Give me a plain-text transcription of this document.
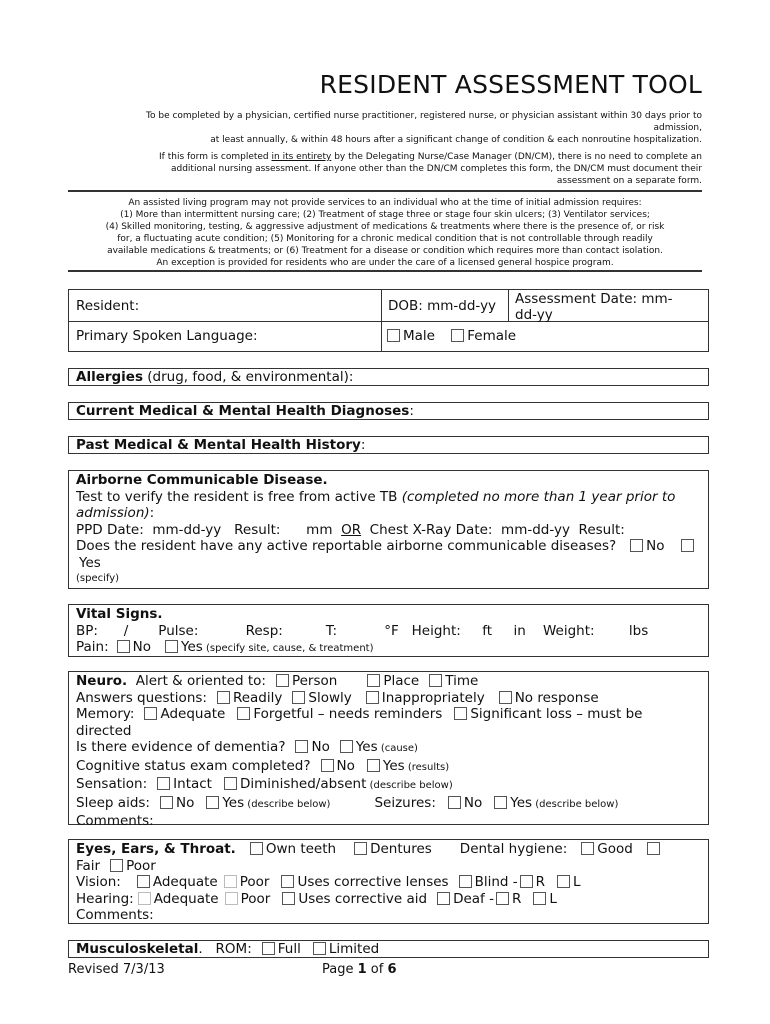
RESIDENT ASSESSMENT TOOL
To be completed by a physician, certified nurse practitioner, registered nurse, or physician assistant within 30 days prior to
admission,
at least annually, & within 48 hours after a significant change of condition & each nonroutine hospitalization.
If this form is completed in its entirety by the Delegating Nurse/Case Manager (DN/CM), there is no need to complete an
additional nursing assessment. If anyone other than the DN/CM completes this form, the DN/CM must document their
assessment on a separate form.
An assisted living program may not provide services to an individual who at the time of initial admission requires:
(1) More than intermittent nursing care; (2) Treatment of stage three or stage four skin ulcers; (3) Ventilator services;
(4) Skilled monitoring, testing, & aggressive adjustment of medications & treatments where there is the presence of, or risk
for, a fluctuating acute condition; (5) Monitoring for a chronic medical condition that is not controllable through readily
available medications & treatments; or (6) Treatment for a disease or condition which requires more than contact isolation.
An exception is provided for residents who are under the care of a licensed general hospice program.
Resident:	DOB: mm-dd-yy	Assessment Date: mm-
dd-yy
Primary Spoken Language:	Male Female
Allergies (drug, food, & environmental):
Current Medical & Mental Health Diagnoses:
Past Medical & Mental Health History:
Airborne Communicable Disease.
Test to verify the resident is free from active TB (completed no more than 1 year prior to
admission):
PPD Date:  mm-dd-yy   Result:      mm  OR  Chest X-Ray Date:  mm-dd-yy  Result:
Does the resident have any active reportable airborne communicable diseases? No
Yes
(specify)
Vital Signs.
BP:      /       Pulse:           Resp:          T:           °F   Height:     ft     in    Weight:        lbs
Pain: No Yes (specify site, cause, & treatment)
Neuro.  Alert & oriented to: Person	Place Time
Answers questions: Readily Slowly Inappropriately No response
Memory: Adequate Forgetful – needs reminders Significant loss – must be
directed
Is there evidence of dementia? No Yes (cause)
Cognitive status exam completed? No Yes (results)
Sensation: Intact Diminished/absent (describe below)
Sleep aids: No Yes (describe below)	Seizures: No Yes (describe below)
Comments:
Eyes, Ears, & Throat. Own teeth	Dentures Dental hygiene: Good
Fair Poor
Vision: Adequate Poor Uses corrective lenses Blind - R L
Hearing: Adequate Poor Uses corrective aid Deaf - R L
Comments:
Musculoskeletal.   ROM: Full Limited
Revised 7/3/13	Page 1 of 6
